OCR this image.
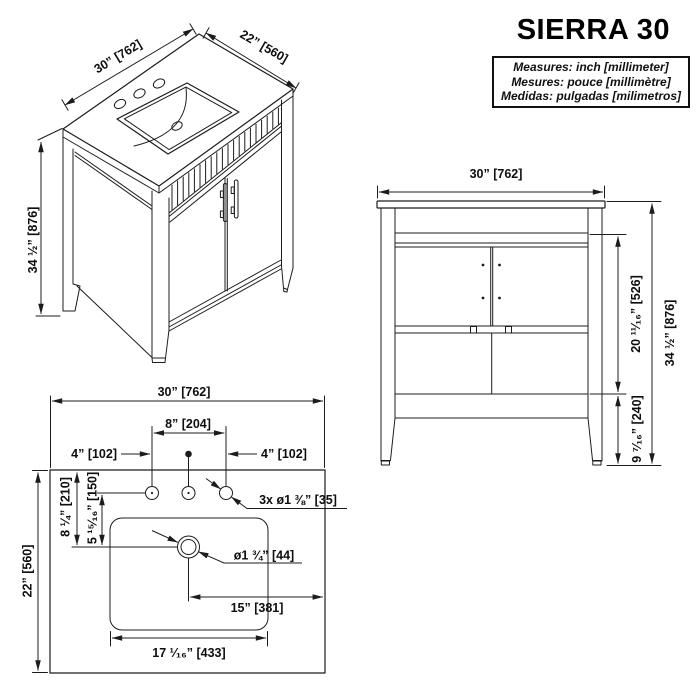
SIERRA 30
Measures: inch [millimeter]
Mesures: pouce [millimètre]
Medidas: pulgadas [milimetros]
30” [762]	22” [560]
34 ½” [876]
30” [762]
20 ¹¹⁄₁₆” [526]
9 ⁷⁄₁₆” [240]
34 ½” [876]
8” [204]
4” [102]	4” [102]
30” [762]
22” [560]
8 ¼” [210] 5 ¹⁵⁄₁₆” [150]
15” [381]
17 ¹⁄₁₆” [433]
3x ø1 ⅜” [35]
ø1 ¾” [44]
